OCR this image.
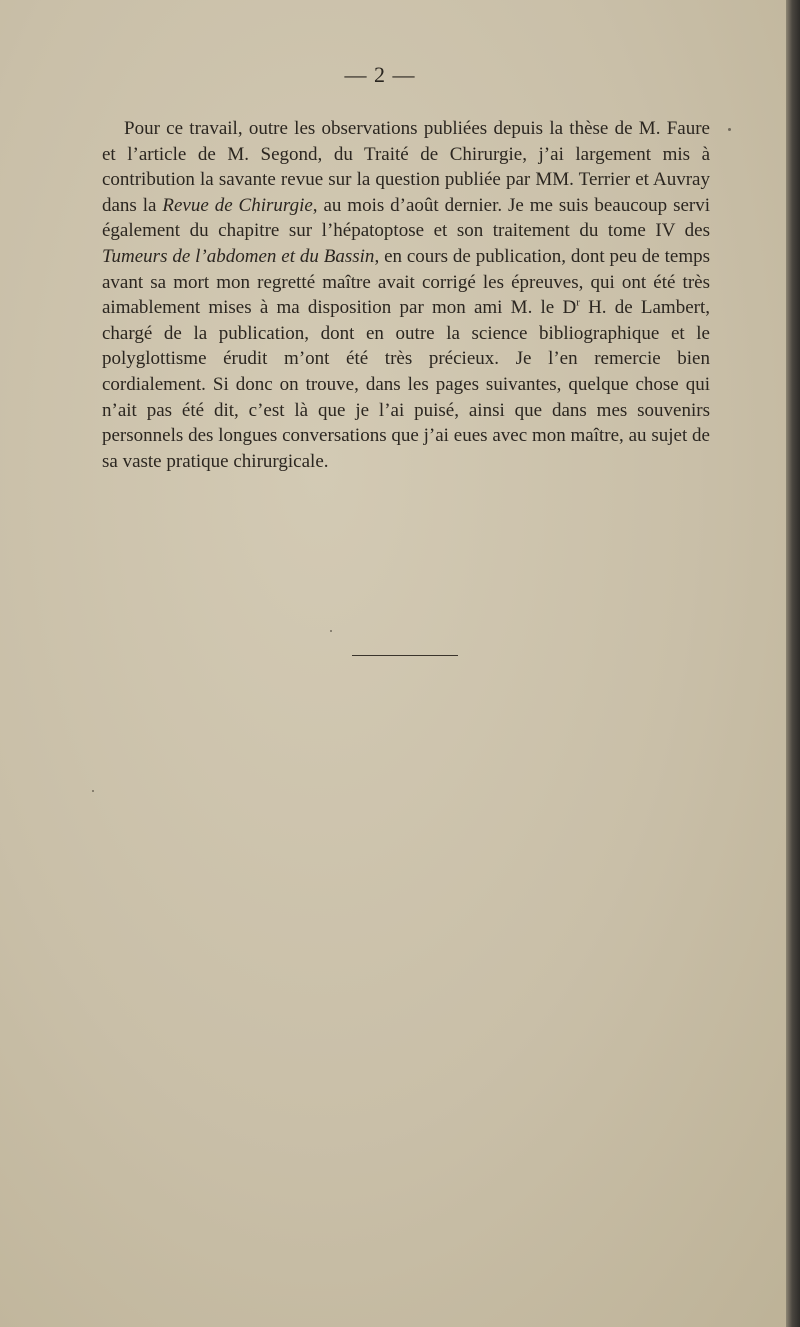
— 2 —

Pour ce travail, outre les observations publiées depuis la thèse de M. Faure et l’article de M. Segond, du Traité de Chirurgie, j’ai largement mis à contribution la savante revue sur la question publiée par MM. Terrier et Auvray dans la Revue de Chirurgie, au mois d’août dernier. Je me suis beaucoup servi également du chapitre sur l’hépatoptose et son traitement du tome IV des Tumeurs de l’abdomen et du Bassin, en cours de publication, dont peu de temps avant sa mort mon regretté maître avait corrigé les épreuves, qui ont été très aimablement mises à ma disposition par mon ami M. le $D^r$ H. de Lambert, chargé de la publication, dont en outre la science bibliographique et le polyglottisme érudit m’ont été très précieux. Je l’en remercie bien cordialement. Si donc on trouve, dans les pages suivantes, quelque chose qui n’ait pas été dit, c’est là que je l’ai puisé, ainsi que dans mes souvenirs personnels des longues conversations que j’ai eues avec mon maître, au sujet de sa vaste pratique chirurgicale.
